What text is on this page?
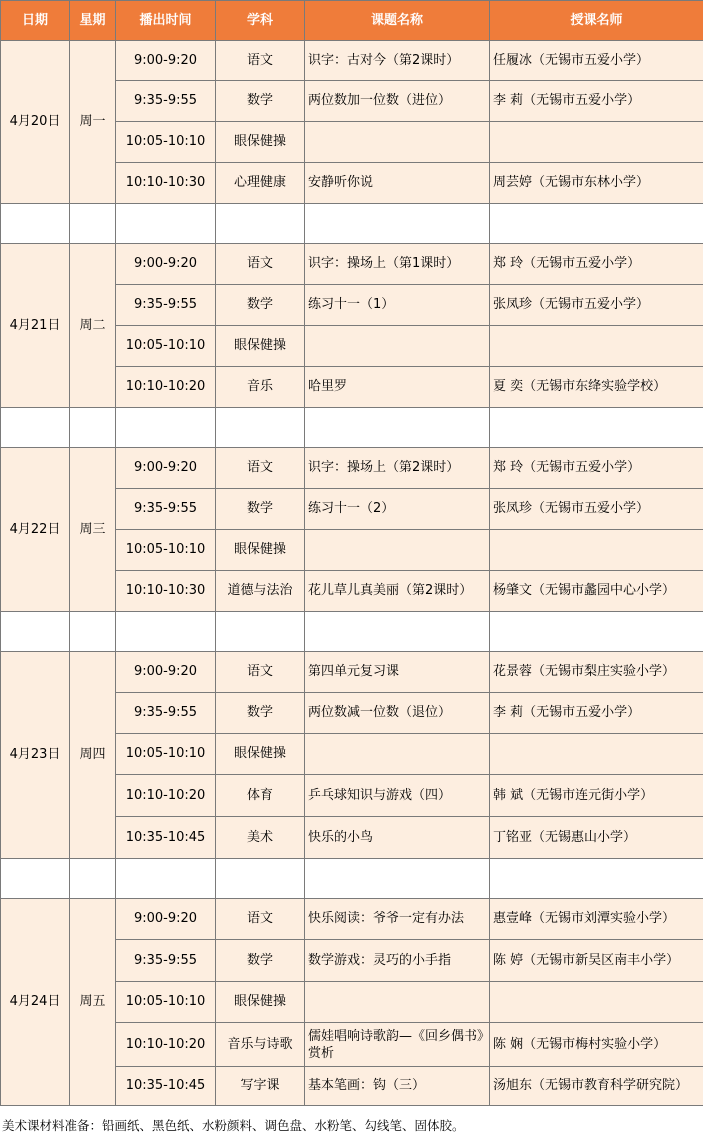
日期	星期	播出时间	学科	课题名称	授课名师
4月20日	周一	9:00-9:20	语文	识字：古对今（第2课时）	任履冰（无锡市五爱小学）
		9:35-9:55	数学	两位数加一位数（进位）	李 莉（无锡市五爱小学）
		10:05-10:10	眼保健操		
		10:10-10:30	心理健康	安静听你说	周芸婷（无锡市东林小学）

4月21日	周二	9:00-9:20	语文	识字：操场上（第1课时）	郑 玲（无锡市五爱小学）
		9:35-9:55	数学	练习十一（1）	张凤珍（无锡市五爱小学）
		10:05-10:10	眼保健操		
		10:10-10:20	音乐	哈里罗	夏 奕（无锡市东绛实验学校）

4月22日	周三	9:00-9:20	语文	识字：操场上（第2课时）	郑 玲（无锡市五爱小学）
		9:35-9:55	数学	练习十一（2）	张凤珍（无锡市五爱小学）
		10:05-10:10	眼保健操		
		10:10-10:30	道德与法治	花儿草儿真美丽（第2课时）	杨肇文（无锡市蠡园中心小学）

4月23日	周四	9:00-9:20	语文	第四单元复习课	花景蓉（无锡市梨庄实验小学）
		9:35-9:55	数学	两位数减一位数（退位）	李 莉（无锡市五爱小学）
		10:05-10:10	眼保健操		
		10:10-10:20	体育	乒乓球知识与游戏（四）	韩 斌（无锡市连元街小学）
		10:35-10:45	美术	快乐的小鸟	丁铭亚（无锡惠山小学）

4月24日	周五	9:00-9:20	语文	快乐阅读：爷爷一定有办法	惠壹峰（无锡市刘潭实验小学）
		9:35-9:55	数学	数学游戏：灵巧的小手指	陈 婷（无锡市新吴区南丰小学）
		10:05-10:10	眼保健操		
		10:10-10:20	音乐与诗歌	儒娃唱响诗歌韵—《回乡偶书》赏析	陈 娴（无锡市梅村实验小学）
		10:35-10:45	写字课	基本笔画：钩（三）	汤旭东（无锡市教育科学研究院）
美术课材料准备：铅画纸、黑色纸、水粉颜料、调色盘、水粉笔、勾线笔、固体胶。
